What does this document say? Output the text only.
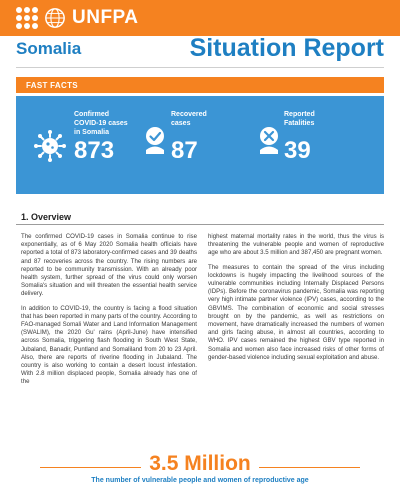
UNFPA
Somalia	Situation Report
FAST FACTS
Confirmed
COVID-19 cases
in Somalia
873
Recovered
cases
87
Reported
Fatalities
39
1. Overview

The confirmed COVID-19 cases in Somalia continue to rise exponentially, as of 6 May 2020 Somalia health officials have reported a total of 873 laboratory-confirmed cases and 39 deaths and 87 recoveries across the country. The rising numbers are reported to be community transmission. With an already poor health system, further spread of the virus could only worsen Somalia's situation and will threaten the essential health service delivery.

In addition to COVID-19, the country is facing a flood situation that has been reported in many parts of the country. According to FAO-managed Somali Water and Land Information Management (SWALIM), the 2020 Gu' rains (April-June) have intensified across Somalia, triggering flash flooding in South West State, Jubaland, Banadir, Puntland and Somaliland from 20 to 23 April. Also, there are reports of riverine flooding in Jubaland. The country is also working to contain a desert locust infestation. With 2.8 million displaced people, Somalia already has one of the

highest maternal mortality rates in the world, thus the virus is threatening the vulnerable people and women of reproductive age who are about 3.5 million and 387,450 are pregnant women.

The measures to contain the spread of the virus including lockdowns is hugely impacting the livelihood sources of the vulnerable communities including Internally Displaced Persons (IDPs). Before the coronavirus pandemic, Somalia was reporting very high intimate partner violence (IPV) cases, according to the GBVIMS. The combination of economic and social stresses brought on by the pandemic, as well as restrictions on movement, have dramatically increased the numbers of women and girls facing abuse, in almost all countries, according to WHO. IPV cases remained the highest GBV type reported in Somalia and women also face increased risks of other forms of gender-based violence including sexual exploitation and abuse.

3.5 Million
The number of vulnerable people and women of reproductive age
